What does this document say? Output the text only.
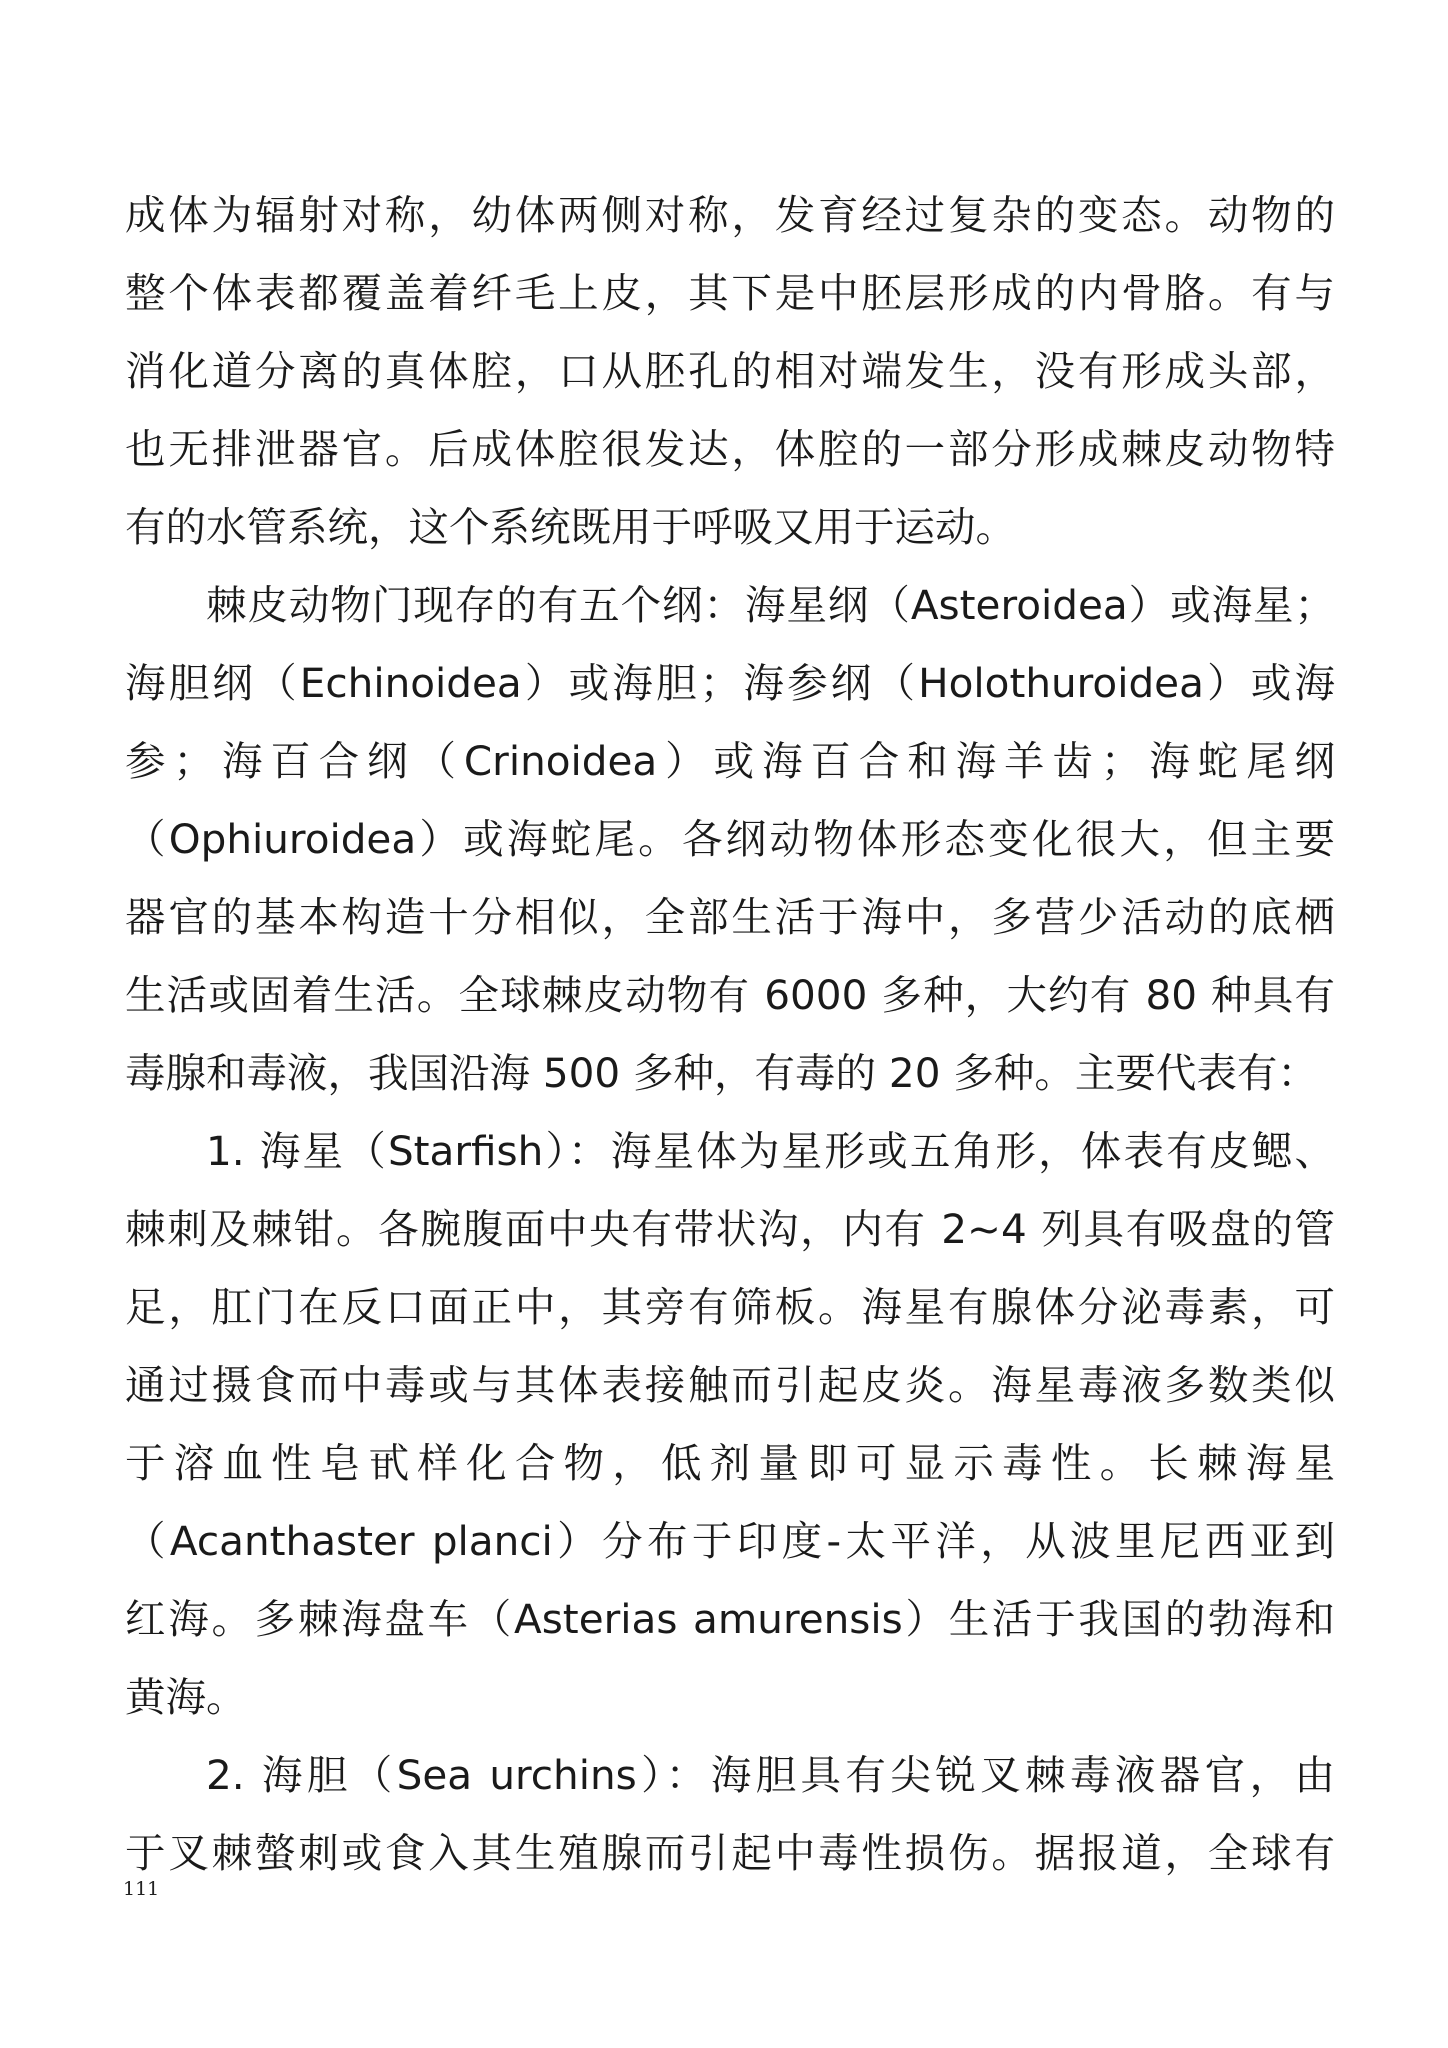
成体为辐射对称，幼体两侧对称，发育经过复杂的变态。动物的
整个体表都覆盖着纤毛上皮，其下是中胚层形成的内骨胳。有与
消化道分离的真体腔，口从胚孔的相对端发生，没有形成头部，
也无排泄器官。后成体腔很发达，体腔的一部分形成棘皮动物特
有的水管系统，这个系统既用于呼吸又用于运动。
棘皮动物门现存的有五个纲：海星纲（Asteroidea）或海星；
海胆纲（Echinoidea）或海胆；海参纲（Holothuroidea）或海
参；海百合纲（Crinoidea）或海百合和海羊齿；海蛇尾纲
（Ophiuroidea）或海蛇尾。各纲动物体形态变化很大，但主要
器官的基本构造十分相似，全部生活于海中，多营少活动的底栖
生活或固着生活。全球棘皮动物有 6000 多种，大约有 80 种具有
毒腺和毒液，我国沿海 500 多种，有毒的 20 多种。主要代表有：
1. 海星（Starfish）：海星体为星形或五角形，体表有皮鳃、
棘刺及棘钳。各腕腹面中央有带状沟，内有 2~4 列具有吸盘的管
足，肛门在反口面正中，其旁有筛板。海星有腺体分泌毒素，可
通过摄食而中毒或与其体表接触而引起皮炎。海星毒液多数类似
于溶血性皂甙样化合物，低剂量即可显示毒性。长棘海星
（Acanthaster planci）分布于印度-太平洋，从波里尼西亚到
红海。多棘海盘车（Asterias amurensis）生活于我国的勃海和
黄海。
2. 海胆（Sea urchins）：海胆具有尖锐叉棘毒液器官，由
于叉棘螫刺或食入其生殖腺而引起中毒性损伤。据报道，全球有
111
